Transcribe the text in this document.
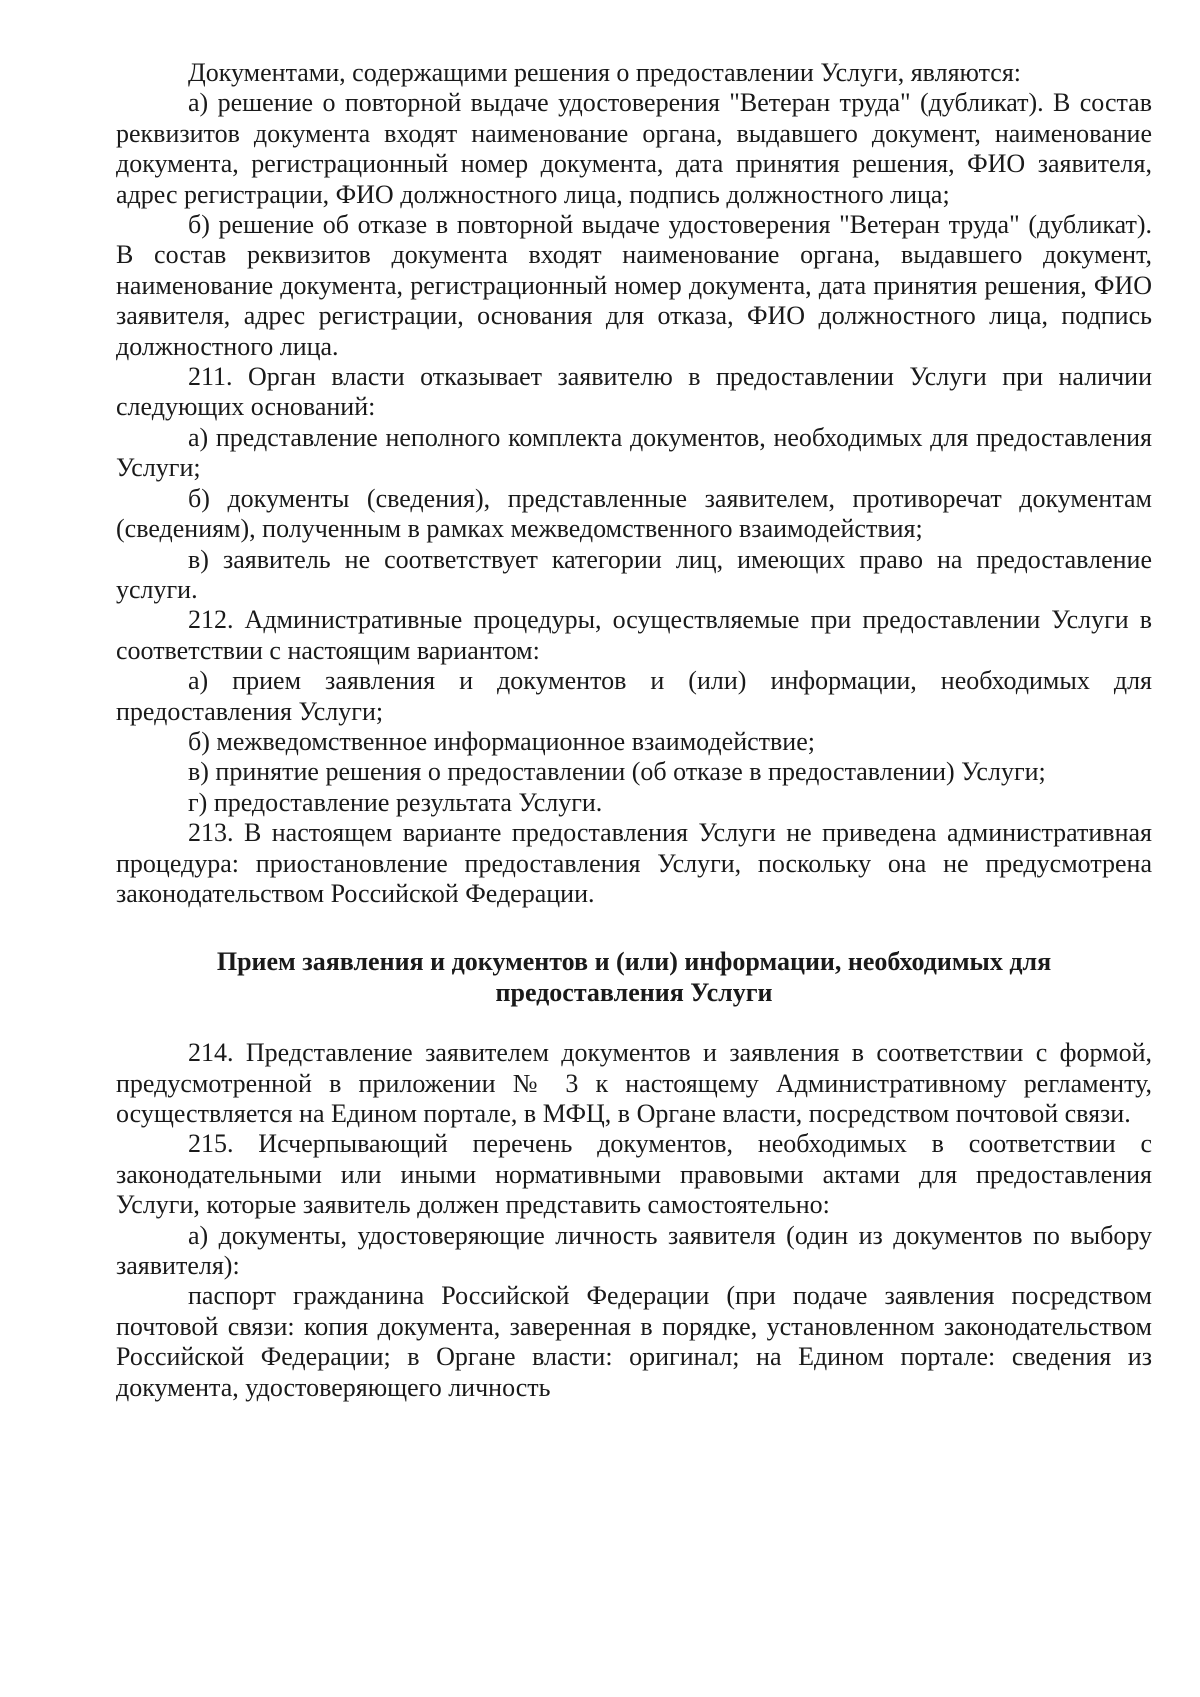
Документами, содержащими решения о предоставлении Услуги, являются:

а) решение о повторной выдаче удостоверения "Ветеран труда" (дубликат). В состав реквизитов документа входят наименование органа, выдавшего документ, наименование документа, регистрационный номер документа, дата принятия решения, ФИО заявителя, адрес регистрации, ФИО должностного лица, подпись должностного лица;

б) решение об отказе в повторной выдаче удостоверения "Ветеран труда" (дубликат). В состав реквизитов документа входят наименование органа, выдавшего документ, наименование документа, регистрационный номер документа, дата принятия решения, ФИО заявителя, адрес регистрации, основания для отказа, ФИО должностного лица, подпись должностного лица.

211. Орган власти отказывает заявителю в предоставлении Услуги при наличии следующих оснований:

а) представление неполного комплекта документов, необходимых для предоставления Услуги;

б) документы (сведения), представленные заявителем, противоречат документам (сведениям), полученным в рамках межведомственного взаимодействия;

в) заявитель не соответствует категории лиц, имеющих право на предоставление услуги.

212. Административные процедуры, осуществляемые при предоставлении Услуги в соответствии с настоящим вариантом:

а) прием заявления и документов и (или) информации, необходимых для предоставления Услуги;

б) межведомственное информационное взаимодействие;

в) принятие решения о предоставлении (об отказе в предоставлении) Услуги;

г) предоставление результата Услуги.

213. В настоящем варианте предоставления Услуги не приведена административная процедура: приостановление предоставления Услуги, поскольку она не предусмотрена законодательством Российской Федерации.

Прием заявления и документов и (или) информации, необходимых для предоставления Услуги

214. Представление заявителем документов и заявления в соответствии с формой, предусмотренной в приложении № 3 к настоящему Административному регламенту, осуществляется на Едином портале, в МФЦ, в Органе власти, посредством почтовой связи.

215. Исчерпывающий перечень документов, необходимых в соответствии с законодательными или иными нормативными правовыми актами для предоставления Услуги, которые заявитель должен представить самостоятельно:

а) документы, удостоверяющие личность заявителя (один из документов по выбору заявителя):

паспорт гражданина Российской Федерации (при подаче заявления посредством почтовой связи: копия документа, заверенная в порядке, установленном законодательством Российской Федерации; в Органе власти: оригинал; на Едином портале: сведения из документа, удостоверяющего личность
